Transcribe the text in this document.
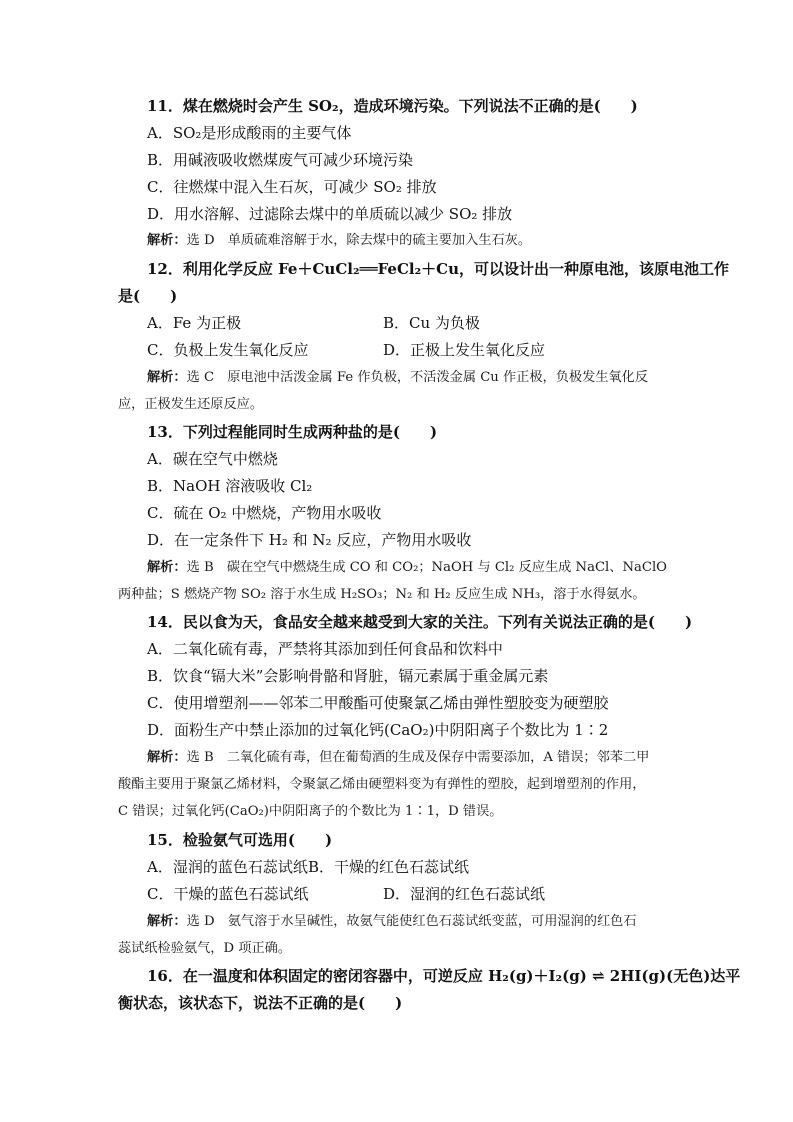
11．煤在燃烧时会产生 SO₂，造成环境污染。下列说法不正确的是(　　)
A．SO₂是形成酸雨的主要气体
B．用碱液吸收燃煤废气可减少环境污染
C．往燃煤中混入生石灰，可减少 SO₂ 排放
D．用水溶解、过滤除去煤中的单质硫以减少 SO₂ 排放
解析：选 D　单质硫难溶解于水，除去煤中的硫主要加入生石灰。
12．利用化学反应 Fe＋CuCl₂══FeCl₂＋Cu，可以设计出一种原电池，该原电池工作
是(　　)
A．Fe 为正极	B．Cu 为负极
C．负极上发生氧化反应	D．正极上发生氧化反应
解析：选 C　原电池中活泼金属 Fe 作负极，不活泼金属 Cu 作正极，负极发生氧化反
应，正极发生还原反应。
13．下列过程能同时生成两种盐的是(　　)
A．碳在空气中燃烧
B．NaOH 溶液吸收 Cl₂
C．硫在 O₂ 中燃烧，产物用水吸收
D．在一定条件下 H₂ 和 N₂ 反应，产物用水吸收
解析：选 B　碳在空气中燃烧生成 CO 和 CO₂；NaOH 与 Cl₂ 反应生成 NaCl、NaClO
两种盐；S 燃烧产物 SO₂ 溶于水生成 H₂SO₃；N₂ 和 H₂ 反应生成 NH₃，溶于水得氨水。
14．民以食为天，食品安全越来越受到大家的关注。下列有关说法正确的是(　　)
A．二氧化硫有毒，严禁将其添加到任何食品和饮料中
B．饮食“镉大米”会影响骨骼和肾脏，镉元素属于重金属元素
C．使用增塑剂——邻苯二甲酸酯可使聚氯乙烯由弹性塑胶变为硬塑胶
D．面粉生产中禁止添加的过氧化钙(CaO₂)中阴阳离子个数比为 1∶2
解析：选 B　二氧化硫有毒，但在葡萄酒的生成及保存中需要添加，A 错误；邻苯二甲
酸酯主要用于聚氯乙烯材料，令聚氯乙烯由硬塑料变为有弹性的塑胶，起到增塑剂的作用，
C 错误；过氧化钙(CaO₂)中阴阳离子的个数比为 1∶1，D 错误。
15．检验氨气可选用(　　)
A．湿润的蓝色石蕊试纸 B．干燥的红色石蕊试纸
C．干燥的蓝色石蕊试纸	D．湿润的红色石蕊试纸
解析：选 D　氨气溶于水呈碱性，故氨气能使红色石蕊试纸变蓝，可用湿润的红色石
蕊试纸检验氨气，D 项正确。
16．在一温度和体积固定的密闭容器中，可逆反应 H₂(g)＋I₂(g) ⇌ 2HI(g)(无色)达平
衡状态，该状态下，说法不正确的是(　　)
